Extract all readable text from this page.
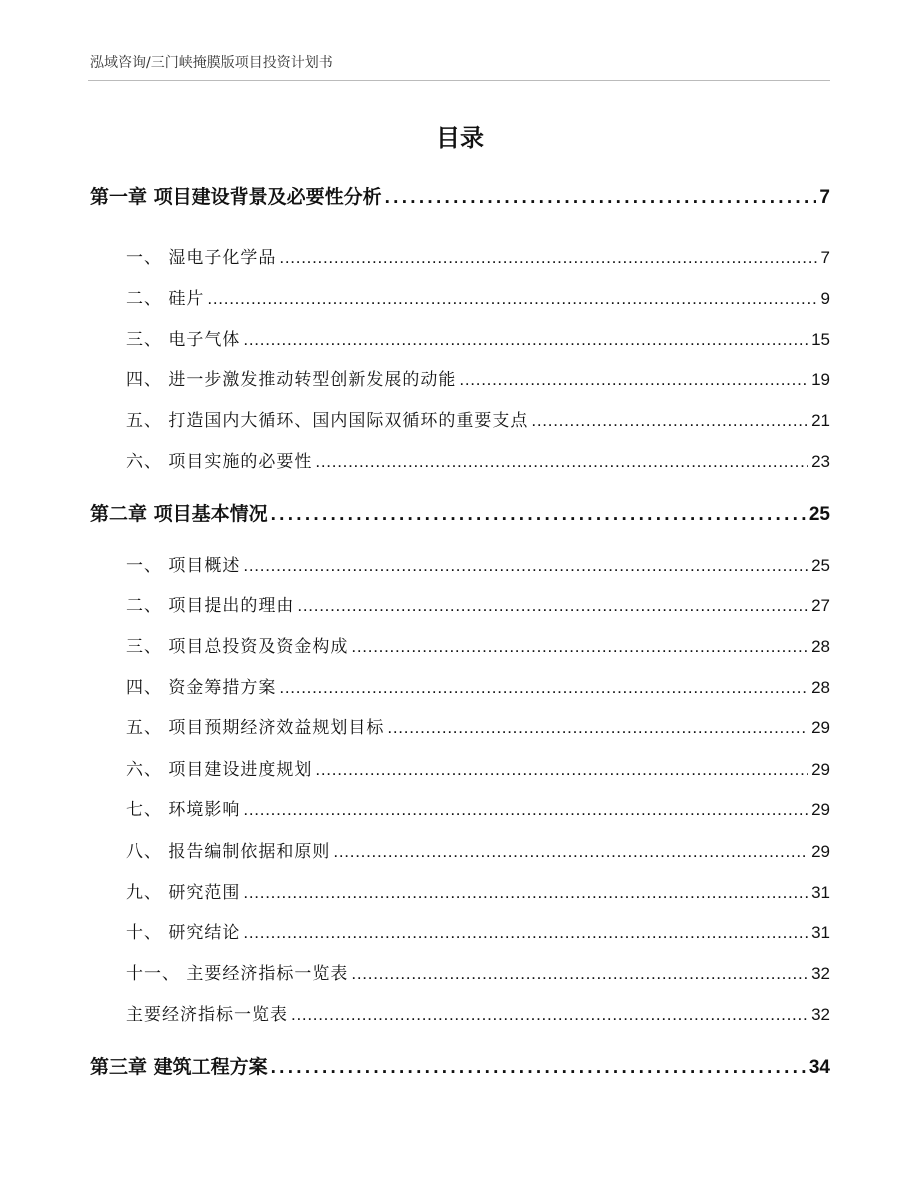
泓域咨询/三门峡掩膜版项目投资计划书
目录
第一章 项目建设背景及必要性分析 . . .	7
一、 湿电子化学品 . . .	7
二、 硅片 . . .	9
三、 电子气体 . . .	15
四、 进一步激发推动转型创新发展的动能 . . .	19
五、 打造国内大循环、国内国际双循环的重要支点 . . .	21
六、 项目实施的必要性 . . .	23
第二章 项目基本情况 . . .	25
一、 项目概述 . . .	25
二、 项目提出的理由 . . .	27
三、 项目总投资及资金构成 . . .	28
四、 资金筹措方案 . . .	28
五、 项目预期经济效益规划目标 . . .	29
六、 项目建设进度规划 . . .	29
七、 环境影响 . . .	29
八、 报告编制依据和原则 . . .	29
九、 研究范围 . . .	31
十、 研究结论 . . .	31
十一、 主要经济指标一览表 . . .	32
主要经济指标一览表 . . .	32
第三章 建筑工程方案 . . .	34
